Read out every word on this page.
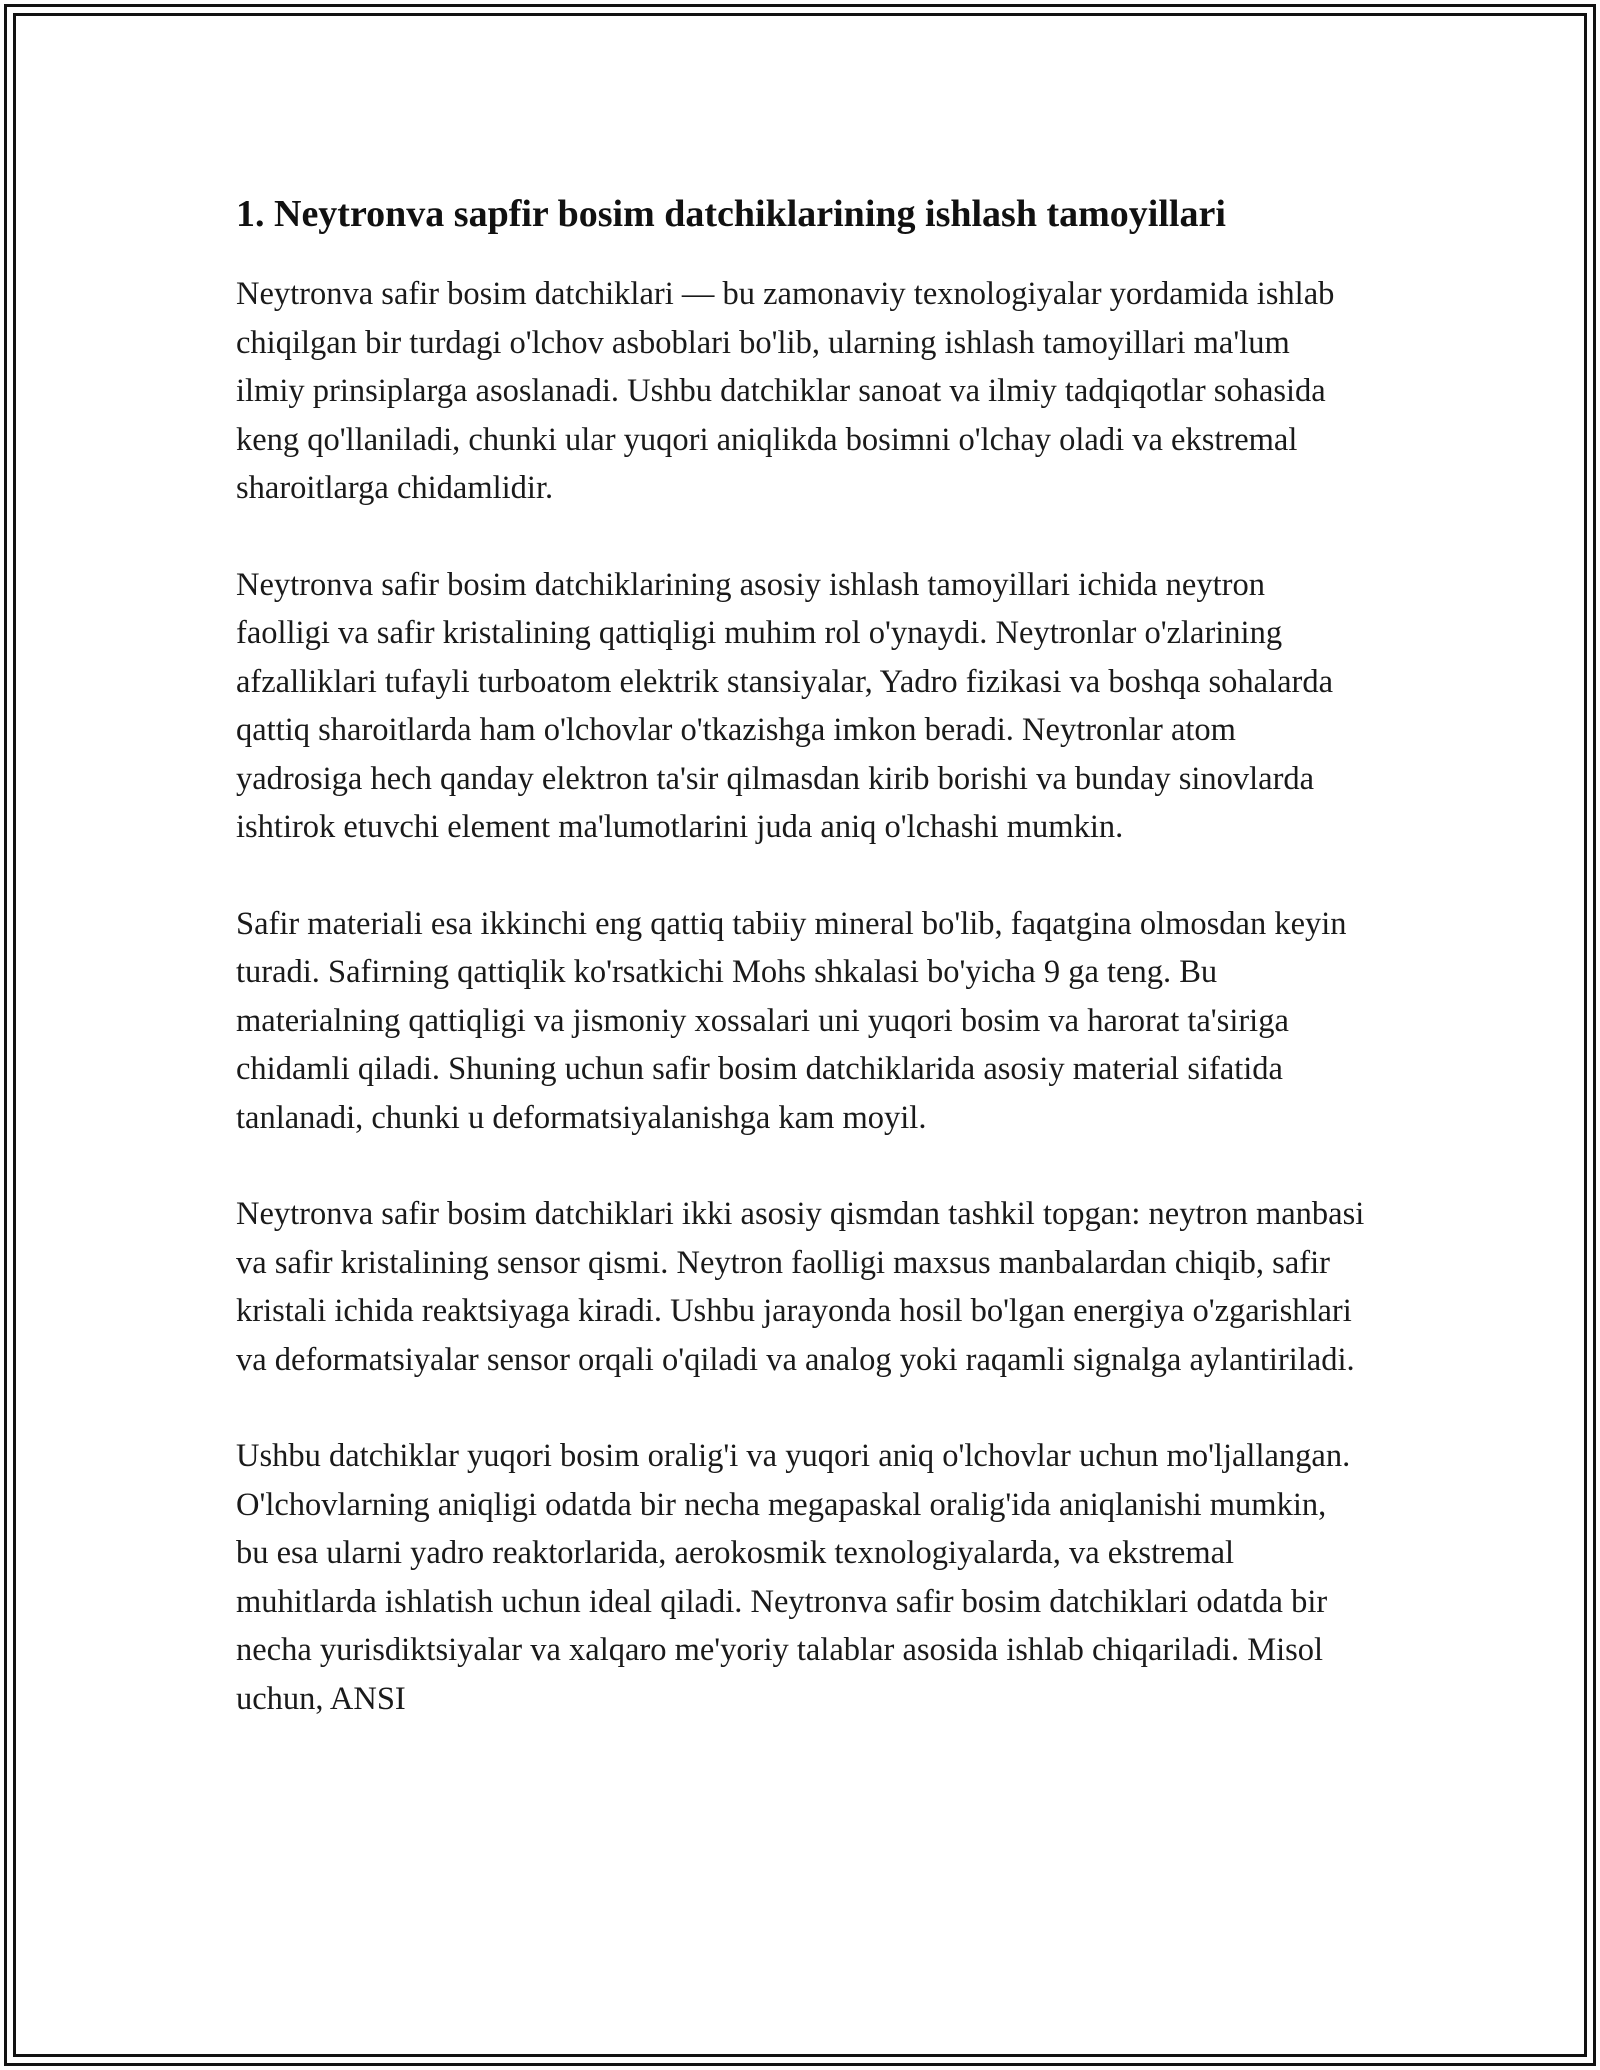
1. Neytronva sapfir bosim datchiklarining ishlash tamoyillari

Neytronva safir bosim datchiklari — bu zamonaviy texnologiyalar yordamida ishlab chiqilgan bir turdagi o'lchov asboblari bo'lib, ularning ishlash tamoyillari ma'lum ilmiy prinsiplarga asoslanadi. Ushbu datchiklar sanoat va ilmiy tadqiqotlar sohasida keng qo'llaniladi, chunki ular yuqori aniqlikda bosimni o'lchay oladi va ekstremal sharoitlarga chidamlidir.

Neytronva safir bosim datchiklarining asosiy ishlash tamoyillari ichida neytron faolligi va safir kristalining qattiqligi muhim rol o'ynaydi. Neytronlar o'zlarining afzalliklari tufayli turboatom elektrik stansiyalar, Yadro fizikasi va boshqa sohalarda qattiq sharoitlarda ham o'lchovlar o'tkazishga imkon beradi. Neytronlar atom yadrosiga hech qanday elektron ta'sir qilmasdan kirib borishi va bunday sinovlarda ishtirok etuvchi element ma'lumotlarini juda aniq o'lchashi mumkin.

Safir materiali esa ikkinchi eng qattiq tabiiy mineral bo'lib, faqatgina olmosdan keyin turadi. Safirning qattiqlik ko'rsatkichi Mohs shkalasi bo'yicha 9 ga teng. Bu materialning qattiqligi va jismoniy xossalari uni yuqori bosim va harorat ta'siriga chidamli qiladi. Shuning uchun safir bosim datchiklarida asosiy material sifatida tanlanadi, chunki u deformatsiyalanishga kam moyil.

Neytronva safir bosim datchiklari ikki asosiy qismdan tashkil topgan: neytron manbasi va safir kristalining sensor qismi. Neytron faolligi maxsus manbalardan chiqib, safir kristali ichida reaktsiyaga kiradi. Ushbu jarayonda hosil bo'lgan energiya o'zgarishlari va deformatsiyalar sensor orqali o'qiladi va analog yoki raqamli signalga aylantiriladi.

Ushbu datchiklar yuqori bosim oralig'i va yuqori aniq o'lchovlar uchun mo'ljallangan. O'lchovlarning aniqligi odatda bir necha megapaskal oralig'ida aniqlanishi mumkin, bu esa ularni yadro reaktorlarida, aerokosmik texnologiyalarda, va ekstremal muhitlarda ishlatish uchun ideal qiladi. Neytronva safir bosim datchiklari odatda bir necha yurisdiktsiyalar va xalqaro me'yoriy talablar asosida ishlab chiqariladi. Misol uchun, ANSI
